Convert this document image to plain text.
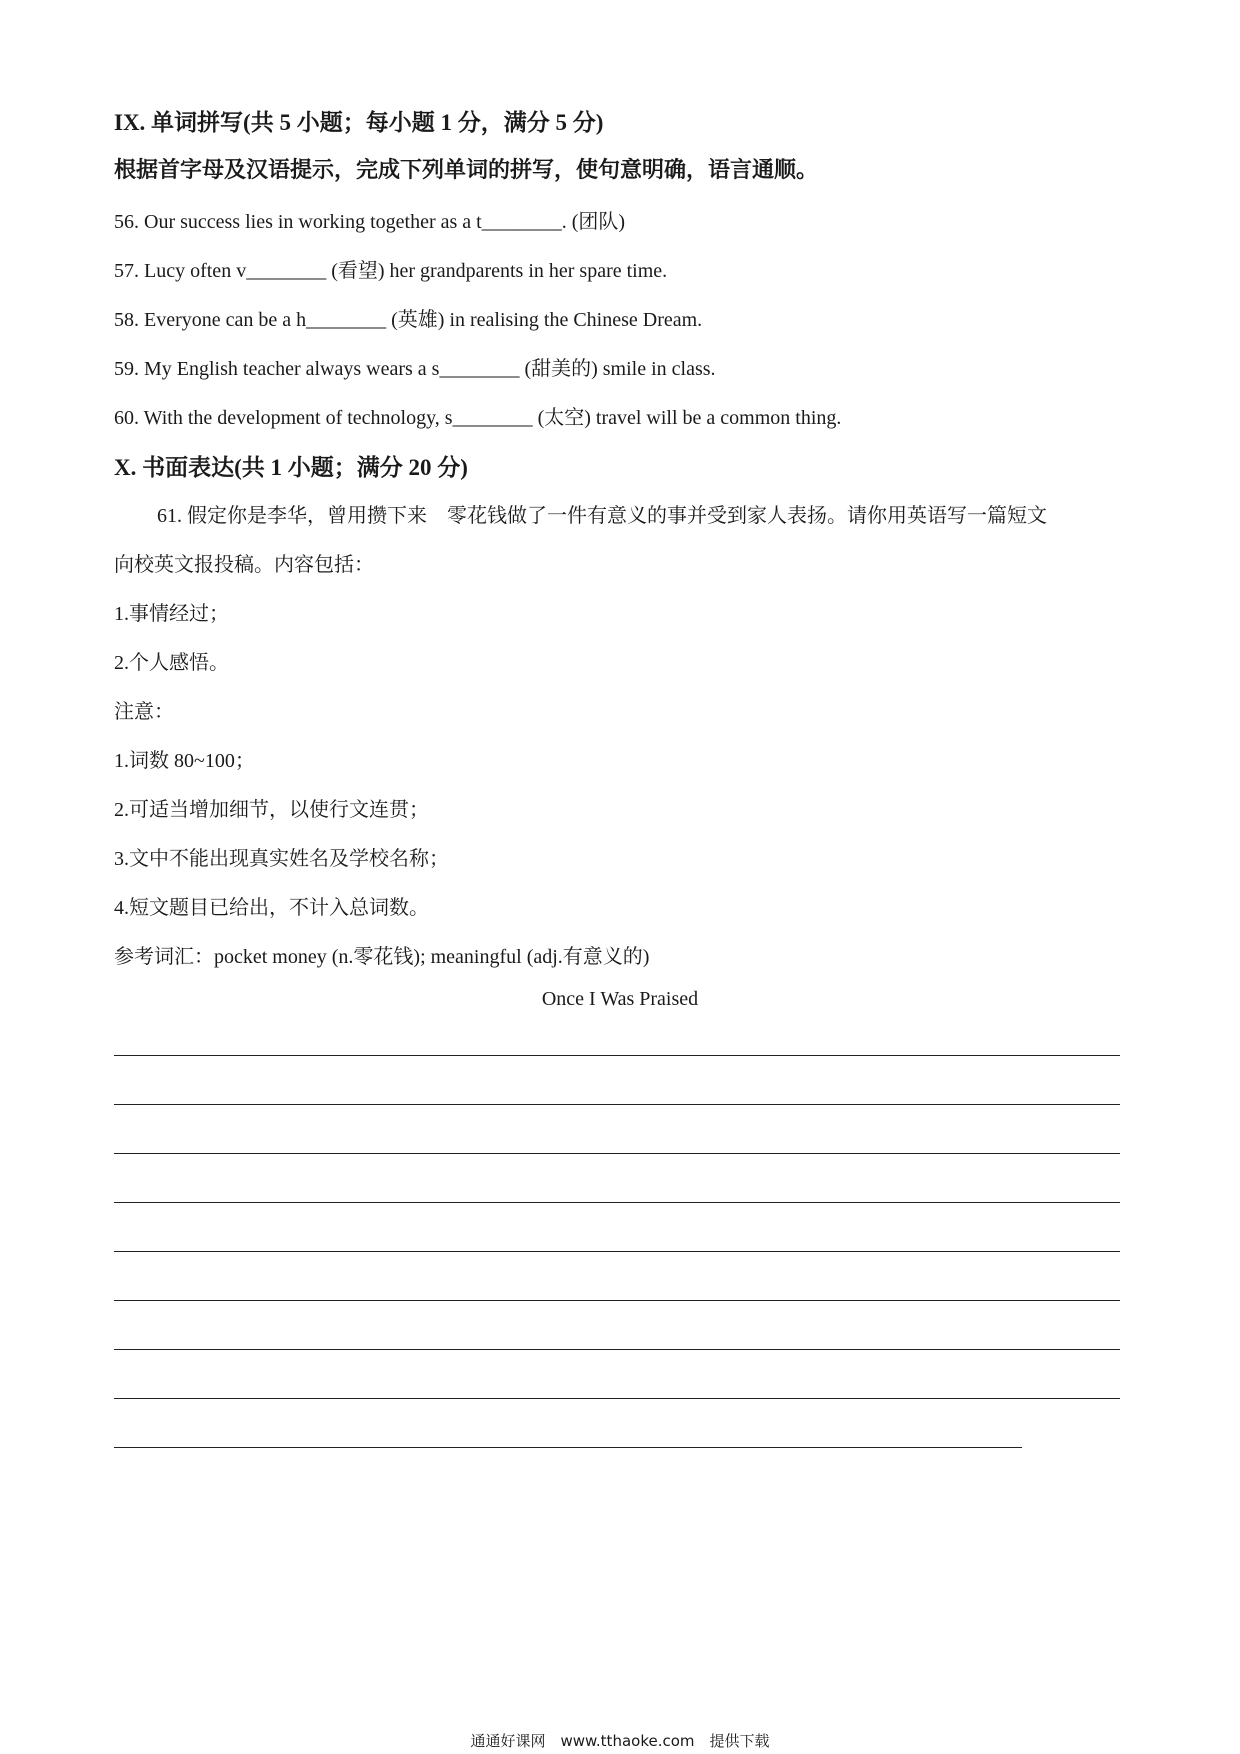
IX. 单词拼写(共 5 小题；每小题 1 分，满分 5 分)
根据首字母及汉语提示，完成下列单词的拼写，使句意明确，语言通顺。
56. Our success lies in working together as a t________. (团队)
57. Lucy often v________ (看望) her grandparents in her spare time.
58. Everyone can be a h________ (英雄) in realising the Chinese Dream.
59. My English teacher always wears a s________ (甜美的) smile in class.
60. With the development of technology, s________ (太空) travel will be a common thing.
X. 书面表达(共 1 小题；满分 20 分)
61. 假定你是李华，曾用攒下来　零花钱做了一件有意义的事并受到家人表扬。请你用英语写一篇短文
向校英文报投稿。内容包括：
1.事情经过；
2.个人感悟。
注意：
1.词数 80~100；
2.可适当增加细节，以使行文连贯；
3.文中不能出现真实姓名及学校名称；
4.短文题目已给出，不计入总词数。
参考词汇：pocket money (n.零花钱); meaningful (adj.有意义的)
Once I Was Praised
通通好课网　www.tthaoke.com　提供下载
